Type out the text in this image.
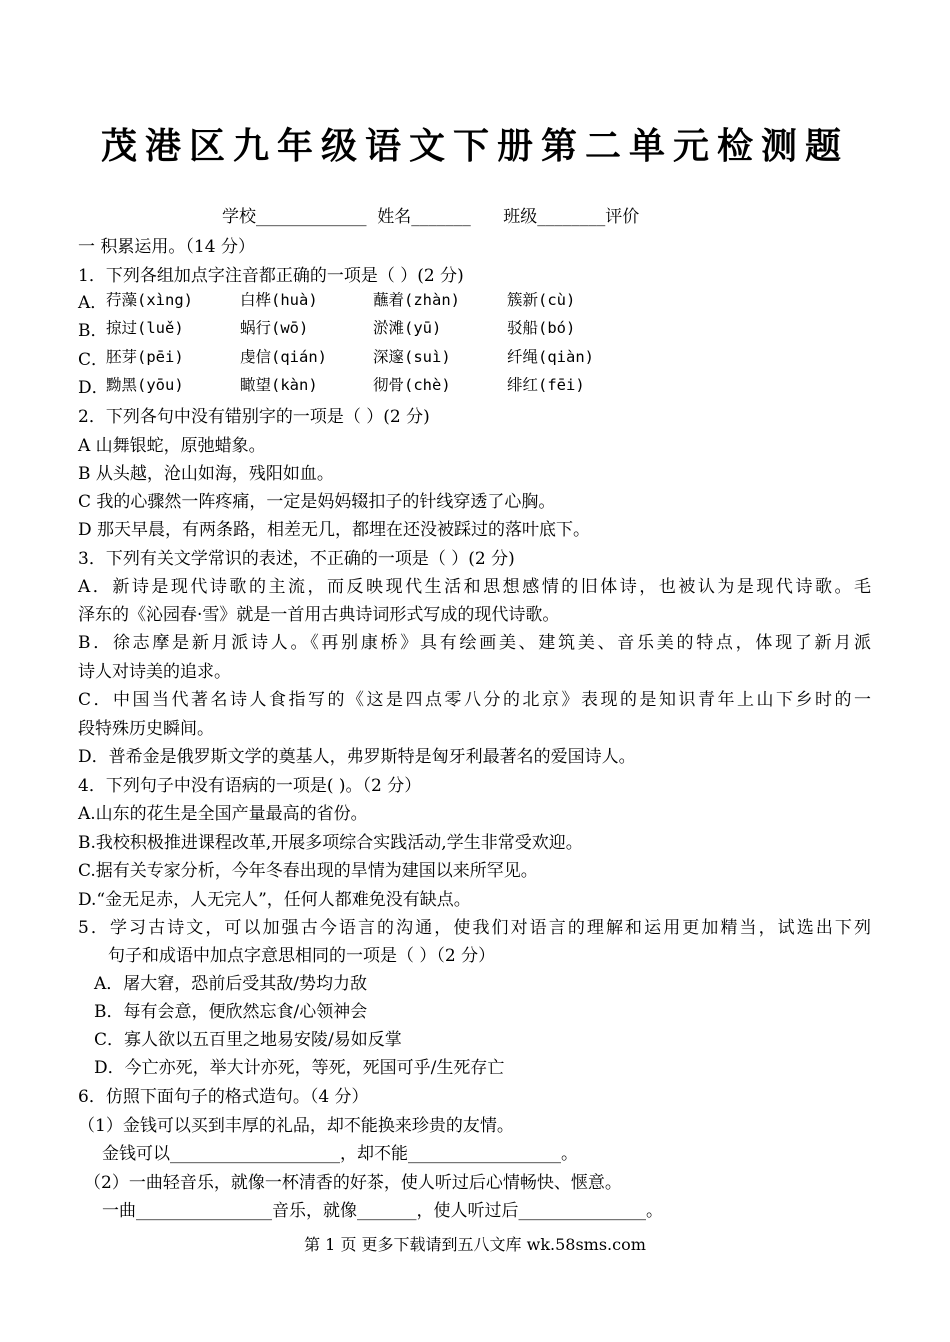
茂港区九年级语文下册第二单元检测题
学校_____________  姓名_______      班级________评价
一 积累运用。（14 分）
1．下列各组加点字注音都正确的一项是（ ）(2 分)
A．
荇藻(xìng)	白桦(huà)	蘸着(zhàn)	簇新(cù)
B．
掠过(luě)	蜗行(wō)	淤滩(yū)	驳船(bó)
C．
胚芽(pēi)	虔信(qián)	深邃(suì)	纤绳(qiàn)
D．
黝黑(yōu)	瞰望(kàn)	彻骨(chè)	绯红(fēi)
2．下列各句中没有错别字的一项是（ ）(2 分)
A 山舞银蛇，原弛蜡象。
B 从头越，沧山如海，残阳如血。
C 我的心骤然一阵疼痛，一定是妈妈辍扣子的针线穿透了心胸。
D 那天早晨，有两条路，相差无几，都埋在还没被踩过的落叶底下。
3．下列有关文学常识的表述，不正确的一项是（ ）(2 分)
A．新诗是现代诗歌的主流，而反映现代生活和思想感情的旧体诗，也被认为是现代诗歌。毛
泽东的《沁园春·雪》就是一首用古典诗词形式写成的现代诗歌。
B．徐志摩是新月派诗人。《再别康桥》具有绘画美、建筑美、音乐美的特点，体现了新月派
诗人对诗美的追求。
C．中国当代著名诗人食指写的《这是四点零八分的北京》表现的是知识青年上山下乡时的一
段特殊历史瞬间。
D．普希金是俄罗斯文学的奠基人，弗罗斯特是匈牙利最著名的爱国诗人。
4．下列句子中没有语病的一项是( )。（2 分）
A.山东的花生是全国产量最高的省份。
B.我校积极推进课程改革,开展多项综合实践活动,学生非常受欢迎。
C.据有关专家分析，今年冬春出现的旱情为建国以来所罕见。
D.“金无足赤，人无完人”，任何人都难免没有缺点。
5．学习古诗文，可以加强古今语言的沟通，使我们对语言的理解和运用更加精当，试选出下列
句子和成语中加点字意思相同的一项是（ ）（2 分）
A．屠大窘，恐前后受其敌/势均力敌
B．每有会意，便欣然忘食/心领神会
C．寡人欲以五百里之地易安陵/易如反掌
D．今亡亦死，举大计亦死，等死，死国可乎/生死存亡
6．仿照下面句子的格式造句。（4 分）
（1）金钱可以买到丰厚的礼品，却不能换来珍贵的友情。
金钱可以____________________，却不能__________________。
（2）一曲轻音乐，就像一杯清香的好茶，使人听过后心情畅快、惬意。
一曲________________音乐，就像_______，使人听过后_______________。
第 1 页 更多下载请到五八文库 wk.58sms.com
